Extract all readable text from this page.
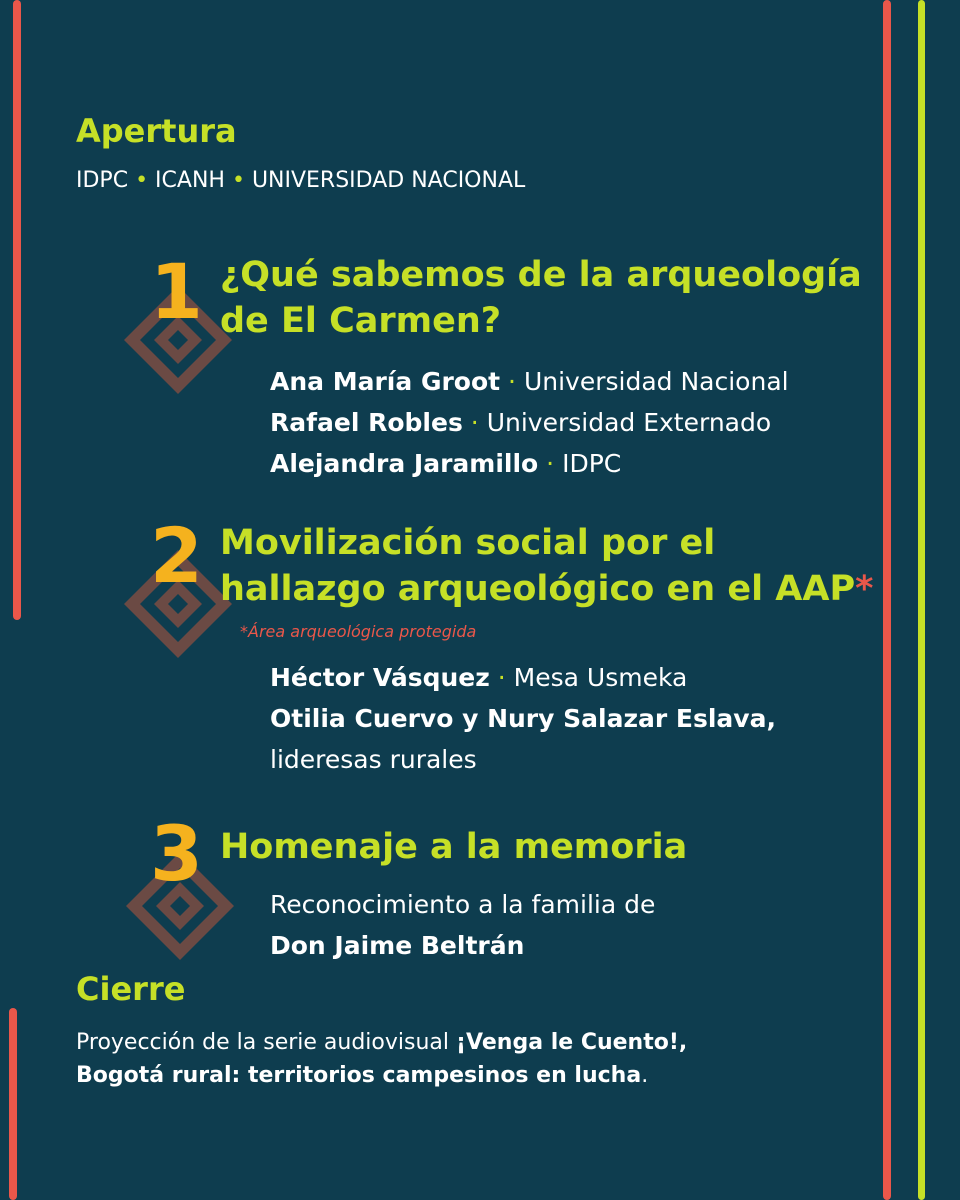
Apertura
IDPC • ICANH • UNIVERSIDAD NACIONAL
1 ¿Qué sabemos de la arqueología
de El Carmen?
Ana María Groot · Universidad Nacional
Rafael Robles · Universidad Externado
Alejandra Jaramillo · IDPC
2 Movilización social por el
hallazgo arqueológico en el AAP*
*Área arqueológica protegida
Héctor Vásquez · Mesa Usmeka
Otilia Cuervo y Nury Salazar Eslava,
lideresas rurales
3 Homenaje a la memoria
Reconocimiento a la familia de
Don Jaime Beltrán
Cierre
Proyección de la serie audiovisual ¡Venga le Cuento!,
Bogotá rural: territorios campesinos en lucha.
